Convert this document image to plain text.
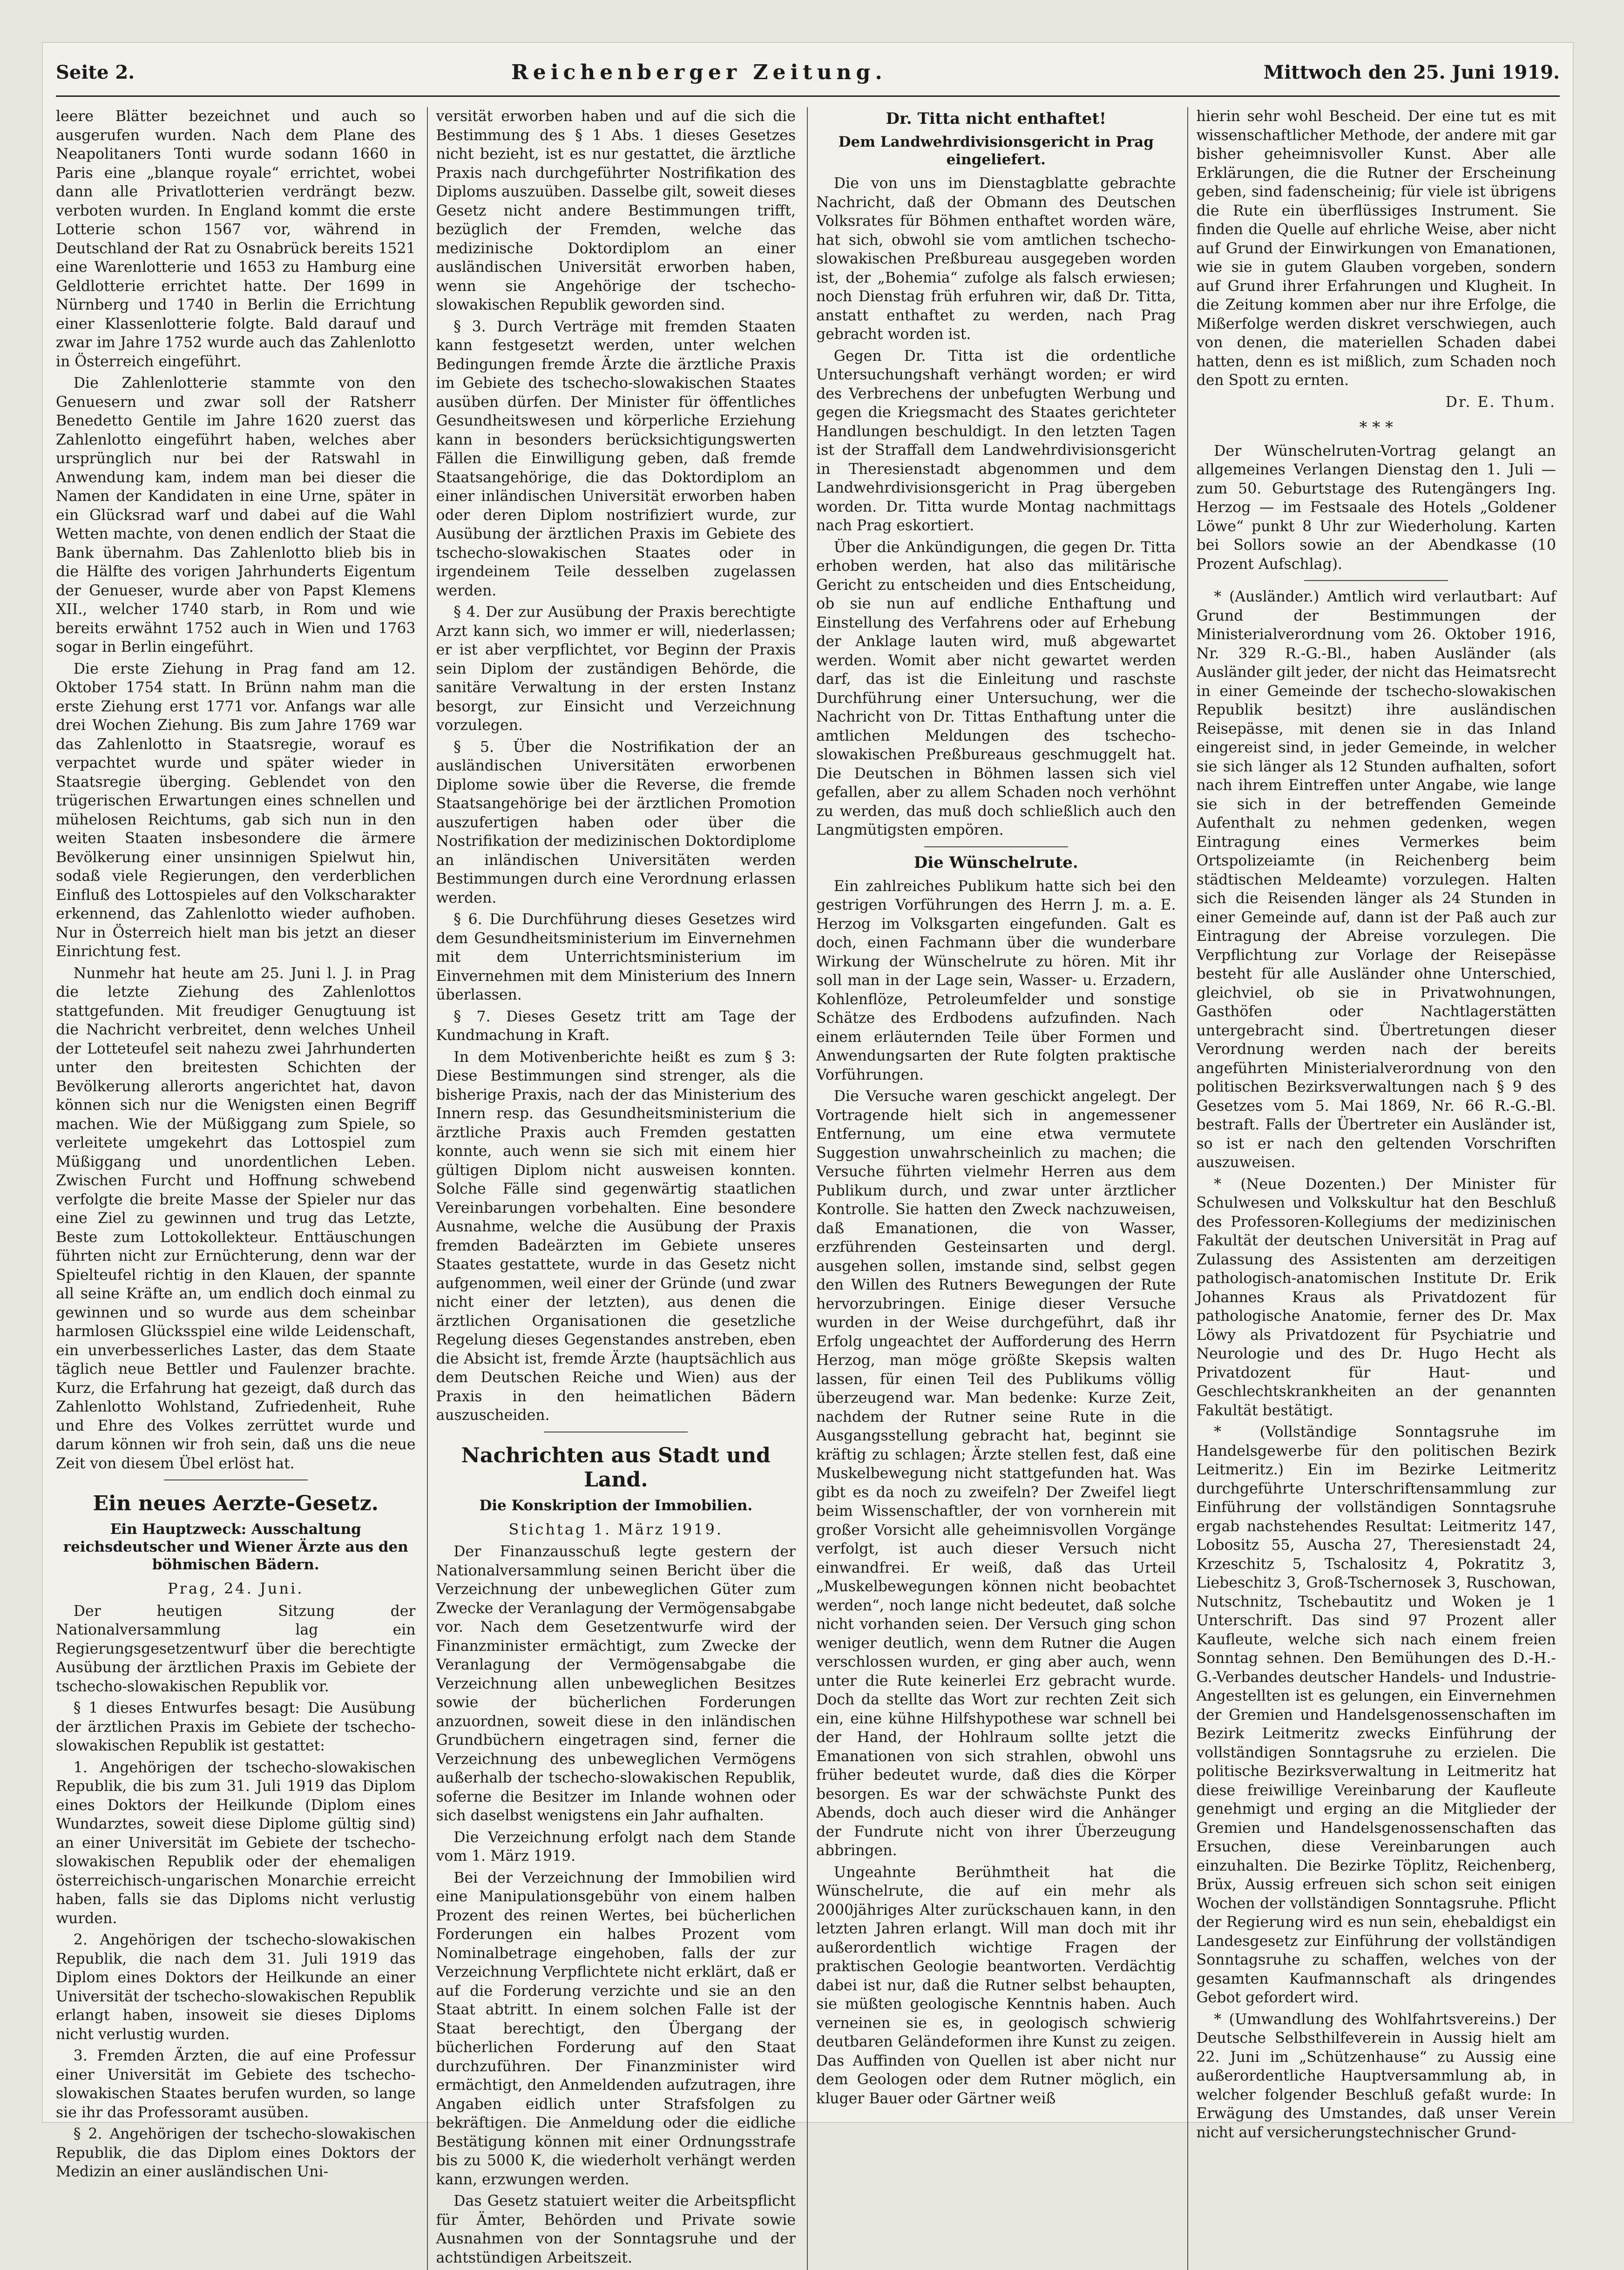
Seite 2.	Reichenberger Zeitung.	Mittwoch den 25. Juni 1919.

leere Blätter bezeichnet und auch so ausgerufen wurden. Nach dem Plane des Neapolitaners Tonti wurde sodann 1660 in Paris eine „blanque royale“ errichtet, wobei dann alle Privatlotterien verdrängt bezw. verboten wurden. In England kommt die erste Lotterie schon 1567 vor, während in Deutschland der Rat zu Osnabrück bereits 1521 eine Warenlotterie und 1653 zu Hamburg eine Geldlotterie errichtet hatte. Der 1699 in Nürnberg und 1740 in Berlin die Errichtung einer Klassenlotterie folgte. Bald darauf und zwar im Jahre 1752 wurde auch das Zahlenlotto in Österreich eingeführt.

Die Zahlenlotterie stammte von den Genuesern und zwar soll der Ratsherr Benedetto Gentile im Jahre 1620 zuerst das Zahlenlotto eingeführt haben, welches aber ursprünglich nur bei der Ratswahl in Anwendung kam, indem man bei dieser die Namen der Kandidaten in eine Urne, später in ein Glücksrad warf und dabei auf die Wahl Wetten machte, von denen endlich der Staat die Bank übernahm. Das Zahlenlotto blieb bis in die Hälfte des vorigen Jahrhunderts Eigentum der Genueser, wurde aber von Papst Klemens XII., welcher 1740 starb, in Rom und wie bereits erwähnt 1752 auch in Wien und 1763 sogar in Berlin eingeführt.

Die erste Ziehung in Prag fand am 12. Oktober 1754 statt. In Brünn nahm man die erste Ziehung erst 1771 vor. Anfangs war alle drei Wochen Ziehung. Bis zum Jahre 1769 war das Zahlenlotto in Staatsregie, worauf es verpachtet wurde und später wieder in Staatsregie überging. Geblendet von den trügerischen Erwartungen eines schnellen und mühelosen Reichtums, gab sich nun in den weiten Staaten insbesondere die ärmere Bevölkerung einer unsinnigen Spielwut hin, sodaß viele Regierungen, den verderblichen Einfluß des Lottospieles auf den Volkscharakter erkennend, das Zahlenlotto wieder aufhoben. Nur in Österreich hielt man bis jetzt an dieser Einrichtung fest.

Nunmehr hat heute am 25. Juni l. J. in Prag die letzte Ziehung des Zahlenlottos stattgefunden. Mit freudiger Genugtuung ist die Nachricht verbreitet, denn welches Unheil der Lotteteufel seit nahezu zwei Jahrhunderten unter den breitesten Schichten der Bevölkerung allerorts angerichtet hat, davon können sich nur die Wenigsten einen Begriff machen. Wie der Müßiggang zum Spiele, so verleitete umgekehrt das Lottospiel zum Müßiggang und unordentlichen Leben. Zwischen Furcht und Hoffnung schwebend verfolgte die breite Masse der Spieler nur das eine Ziel zu gewinnen und trug das Letzte, Beste zum Lottokollekteur. Enttäuschungen führten nicht zur Ernüchterung, denn war der Spielteufel richtig in den Klauen, der spannte all seine Kräfte an, um endlich doch einmal zu gewinnen und so wurde aus dem scheinbar harmlosen Glücksspiel eine wilde Leidenschaft, ein unverbesserliches Laster, das dem Staate täglich neue Bettler und Faulenzer brachte. Kurz, die Erfahrung hat gezeigt, daß durch das Zahlenlotto Wohlstand, Zufriedenheit, Ruhe und Ehre des Volkes zerrüttet wurde und darum können wir froh sein, daß uns die neue Zeit von diesem Übel erlöst hat.

Ein neues Aerzte-Gesetz.
Ein Hauptzweck: Ausschaltung reichsdeutscher und Wiener Ärzte aus den böhmischen Bädern.
Prag, 24. Juni.

Der heutigen Sitzung der Nationalversammlung lag ein Regierungsgesetzentwurf über die berechtigte Ausübung der ärztlichen Praxis im Gebiete der tschecho-slowakischen Republik vor.

§ 1 dieses Entwurfes besagt: Die Ausübung der ärztlichen Praxis im Gebiete der tschecho-slowakischen Republik ist gestattet:

1. Angehörigen der tschecho-slowakischen Republik, die bis zum 31. Juli 1919 das Diplom eines Doktors der Heilkunde (Diplom eines Wundarztes, soweit diese Diplome gültig sind) an einer Universität im Gebiete der tschecho-slowakischen Republik oder der ehemaligen österreichisch-ungarischen Monarchie erreicht haben, falls sie das Diploms nicht verlustig wurden.

2. Angehörigen der tschecho-slowakischen Republik, die nach dem 31. Juli 1919 das Diplom eines Doktors der Heilkunde an einer Universität der tschecho-slowakischen Republik erlangt haben, insoweit sie dieses Diploms nicht verlustig wurden.

3. Fremden Ärzten, die auf eine Professur einer Universität im Gebiete des tschecho-slowakischen Staates berufen wurden, so lange sie ihr das Professoramt ausüben.

§ 2. Angehörigen der tschecho-slowakischen Republik, die das Diplom eines Doktors der Medizin an einer ausländischen Uni-

versität erworben haben und auf die sich die Bestimmung des § 1 Abs. 1 dieses Gesetzes nicht bezieht, ist es nur gestattet, die ärztliche Praxis nach durchgeführter Nostrifikation des Diploms auszuüben. Dasselbe gilt, soweit dieses Gesetz nicht andere Bestimmungen trifft, bezüglich der Fremden, welche das medizinische Doktordiplom an einer ausländischen Universität erworben haben, wenn sie Angehörige der tschecho-slowakischen Republik geworden sind.

§ 3. Durch Verträge mit fremden Staaten kann festgesetzt werden, unter welchen Bedingungen fremde Ärzte die ärztliche Praxis im Gebiete des tschecho-slowakischen Staates ausüben dürfen. Der Minister für öffentliches Gesundheitswesen und körperliche Erziehung kann in besonders berücksichtigungswerten Fällen die Einwilligung geben, daß fremde Staatsangehörige, die das Doktordiplom an einer inländischen Universität erworben haben oder deren Diplom nostrifiziert wurde, zur Ausübung der ärztlichen Praxis im Gebiete des tschecho-slowakischen Staates oder in irgendeinem Teile desselben zugelassen werden.

§ 4. Der zur Ausübung der Praxis berechtigte Arzt kann sich, wo immer er will, niederlassen; er ist aber verpflichtet, vor Beginn der Praxis sein Diplom der zuständigen Behörde, die sanitäre Verwaltung in der ersten Instanz besorgt, zur Einsicht und Verzeichnung vorzulegen.

§ 5. Über die Nostrifikation der an ausländischen Universitäten erworbenen Diplome sowie über die Reverse, die fremde Staatsangehörige bei der ärztlichen Promotion auszufertigen haben oder über die Nostrifikation der medizinischen Doktordiplome an inländischen Universitäten werden Bestimmungen durch eine Verordnung erlassen werden.

§ 6. Die Durchführung dieses Gesetzes wird dem Gesundheitsministerium im Einvernehmen mit dem Unterrichtsministerium im Einvernehmen mit dem Ministerium des Innern überlassen.

§ 7. Dieses Gesetz tritt am Tage der Kundmachung in Kraft.

In dem Motivenberichte heißt es zum § 3: Diese Bestimmungen sind strenger, als die bisherige Praxis, nach der das Ministerium des Innern resp. das Gesundheitsministerium die ärztliche Praxis auch Fremden gestatten konnte, auch wenn sie sich mit einem hier gültigen Diplom nicht ausweisen konnten. Solche Fälle sind gegenwärtig staatlichen Vereinbarungen vorbehalten. Eine besondere Ausnahme, welche die Ausübung der Praxis fremden Badeärzten im Gebiete unseres Staates gestattete, wurde in das Gesetz nicht aufgenommen, weil einer der Gründe (und zwar nicht einer der letzten), aus denen die ärztlichen Organisationen die gesetzliche Regelung dieses Gegenstandes anstreben, eben die Absicht ist, fremde Ärzte (hauptsächlich aus dem Deutschen Reiche und Wien) aus der Praxis in den heimatlichen Bädern auszuscheiden.

Nachrichten aus Stadt und Land.
Die Konskription der Immobilien.
Stichtag 1. März 1919.

Der Finanzausschuß legte gestern der Nationalversammlung seinen Bericht über die Verzeichnung der unbeweglichen Güter zum Zwecke der Veranlagung der Vermögensabgabe vor. Nach dem Gesetzentwurfe wird der Finanzminister ermächtigt, zum Zwecke der Veranlagung der Vermögensabgabe die Verzeichnung allen unbeweglichen Besitzes sowie der bücherlichen Forderungen anzuordnen, soweit diese in den inländischen Grundbüchern eingetragen sind, ferner die Verzeichnung des unbeweglichen Vermögens außerhalb der tschecho-slowakischen Republik, soferne die Besitzer im Inlande wohnen oder sich daselbst wenigstens ein Jahr aufhalten.

Die Verzeichnung erfolgt nach dem Stande vom 1. März 1919.

Bei der Verzeichnung der Immobilien wird eine Manipulationsgebühr von einem halben Prozent des reinen Wertes, bei bücherlichen Forderungen ein halbes Prozent vom Nominalbetrage eingehoben, falls der zur Verzeichnung Verpflichtete nicht erklärt, daß er auf die Forderung verzichte und sie an den Staat abtritt. In einem solchen Falle ist der Staat berechtigt, den Übergang der bücherlichen Forderung auf den Staat durchzuführen. Der Finanzminister wird ermächtigt, den Anmeldenden aufzutragen, ihre Angaben eidlich unter Strafsfolgen zu bekräftigen. Die Anmeldung oder die eidliche Bestätigung können mit einer Ordnungsstrafe bis zu 5000 K, die wiederholt verhängt werden kann, erzwungen werden.

Das Gesetz statuiert weiter die Arbeitspflicht für Ämter, Behörden und Private sowie Ausnahmen von der Sonntagsruhe und der achtstündigen Arbeitszeit.

Dr. Titta nicht enthaftet!
Dem Landwehrdivisionsgericht in Prag eingeliefert.

Die von uns im Dienstagblatte gebrachte Nachricht, daß der Obmann des Deutschen Volksrates für Böhmen enthaftet worden wäre, hat sich, obwohl sie vom amtlichen tschecho-slowakischen Preßbureau ausgegeben worden ist, der „Bohemia“ zufolge als falsch erwiesen; noch Dienstag früh erfuhren wir, daß Dr. Titta, anstatt enthaftet zu werden, nach Prag gebracht worden ist.

Gegen Dr. Titta ist die ordentliche Untersuchungshaft verhängt worden; er wird des Verbrechens der unbefugten Werbung und gegen die Kriegsmacht des Staates gerichteter Handlungen beschuldigt. In den letzten Tagen ist der Straffall dem Landwehrdivisionsgericht in Theresienstadt abgenommen und dem Landwehrdivisionsgericht in Prag übergeben worden. Dr. Titta wurde Montag nachmittags nach Prag eskortiert.

Über die Ankündigungen, die gegen Dr. Titta erhoben werden, hat also das militärische Gericht zu entscheiden und dies Entscheidung, ob sie nun auf endliche Enthaftung und Einstellung des Verfahrens oder auf Erhebung der Anklage lauten wird, muß abgewartet werden. Womit aber nicht gewartet werden darf, das ist die Einleitung und raschste Durchführung einer Untersuchung, wer die Nachricht von Dr. Tittas Enthaftung unter die amtlichen Meldungen des tschecho-slowakischen Preßbureaus geschmuggelt hat. Die Deutschen in Böhmen lassen sich viel gefallen, aber zu allem Schaden noch verhöhnt zu werden, das muß doch schließlich auch den Langmütigsten empören.

Die Wünschelrute.

Ein zahlreiches Publikum hatte sich bei den gestrigen Vorführungen des Herrn J. m. a. E. Herzog im Volksgarten eingefunden. Galt es doch, einen Fachmann über die wunderbare Wirkung der Wünschelrute zu hören. Mit ihr soll man in der Lage sein, Wasser- u. Erzadern, Kohlenflöze, Petroleumfelder und sonstige Schätze des Erdbodens aufzufinden. Nach einem erläuternden Teile über Formen und Anwendungsarten der Rute folgten praktische Vorführungen.

Die Versuche waren geschickt angelegt. Der Vortragende hielt sich in angemessener Entfernung, um eine etwa vermutete Suggestion unwahrscheinlich zu machen; die Versuche führten vielmehr Herren aus dem Publikum durch, und zwar unter ärztlicher Kontrolle. Sie hatten den Zweck nachzuweisen, daß Emanationen, die von Wasser, erzführenden Gesteinsarten und dergl. ausgehen sollen, imstande sind, selbst gegen den Willen des Rutners Bewegungen der Rute hervorzubringen. Einige dieser Versuche wurden in der Weise durchgeführt, daß ihr Erfolg ungeachtet der Aufforderung des Herrn Herzog, man möge größte Skepsis walten lassen, für einen Teil des Publikums völlig überzeugend war. Man bedenke: Kurze Zeit, nachdem der Rutner seine Rute in die Ausgangsstellung gebracht hat, beginnt sie kräftig zu schlagen; Ärzte stellen fest, daß eine Muskelbewegung nicht stattgefunden hat. Was gibt es da noch zu zweifeln? Der Zweifel liegt beim Wissenschaftler, der von vornherein mit großer Vorsicht alle geheimnisvollen Vorgänge verfolgt, ist auch dieser Versuch nicht einwandfrei. Er weiß, daß das Urteil „Muskelbewegungen können nicht beobachtet werden“, noch lange nicht bedeutet, daß solche nicht vorhanden seien. Der Versuch ging schon weniger deutlich, wenn dem Rutner die Augen verschlossen wurden, er ging aber auch, wenn unter die Rute keinerlei Erz gebracht wurde. Doch da stellte das Wort zur rechten Zeit sich ein, eine kühne Hilfshypothese war schnell bei der Hand, der Hohlraum sollte jetzt die Emanationen von sich strahlen, obwohl uns früher bedeutet wurde, daß dies die Körper besorgen. Es war der schwächste Punkt des Abends, doch auch dieser wird die Anhänger der Fundrute nicht von ihrer Überzeugung abbringen.

Ungeahnte Berühmtheit hat die Wünschelrute, die auf ein mehr als 2000jähriges Alter zurückschauen kann, in den letzten Jahren erlangt. Will man doch mit ihr außerordentlich wichtige Fragen der praktischen Geologie beantworten. Verdächtig dabei ist nur, daß die Rutner selbst behaupten, sie müßten geologische Kenntnis haben. Auch verneinen sie es, in geologisch schwierig deutbaren Geländeformen ihre Kunst zu zeigen. Das Auffinden von Quellen ist aber nicht nur dem Geologen oder dem Rutner möglich, ein kluger Bauer oder Gärtner weiß

hierin sehr wohl Bescheid. Der eine tut es mit wissenschaftlicher Methode, der andere mit gar bisher geheimnisvoller Kunst. Aber alle Erklärungen, die die Rutner der Erscheinung geben, sind fadenscheinig; für viele ist übrigens die Rute ein überflüssiges Instrument. Sie finden die Quelle auf ehrliche Weise, aber nicht auf Grund der Einwirkungen von Emanationen, wie sie in gutem Glauben vorgeben, sondern auf Grund ihrer Erfahrungen und Klugheit. In die Zeitung kommen aber nur ihre Erfolge, die Mißerfolge werden diskret verschwiegen, auch von denen, die materiellen Schaden dabei hatten, denn es ist mißlich, zum Schaden noch den Spott zu ernten.

Dr. E. Thum.
* * *

Der Wünschelruten-Vortrag gelangt an allgemeines Verlangen Dienstag den 1. Juli — zum 50. Geburtstage des Rutengängers Ing. Herzog — im Festsaale des Hotels „Goldener Löwe“ punkt 8 Uhr zur Wiederholung. Karten bei Sollors sowie an der Abendkasse (10 Prozent Aufschlag).

* (Ausländer.) Amtlich wird verlautbart: Auf Grund der Bestimmungen der Ministerialverordnung vom 26. Oktober 1916, Nr. 329 R.-G.-Bl., haben Ausländer (als Ausländer gilt jeder, der nicht das Heimatsrecht in einer Gemeinde der tschecho-slowakischen Republik besitzt) ihre ausländischen Reisepässe, mit denen sie in das Inland eingereist sind, in jeder Gemeinde, in welcher sie sich länger als 12 Stunden aufhalten, sofort nach ihrem Eintreffen unter Angabe, wie lange sie sich in der betreffenden Gemeinde Aufenthalt zu nehmen gedenken, wegen Eintragung eines Vermerkes beim Ortspolizeiamte (in Reichenberg beim städtischen Meldeamte) vorzulegen. Halten sich die Reisenden länger als 24 Stunden in einer Gemeinde auf, dann ist der Paß auch zur Eintragung der Abreise vorzulegen. Die Verpflichtung zur Vorlage der Reisepässe besteht für alle Ausländer ohne Unterschied, gleichviel, ob sie in Privatwohnungen, Gasthöfen oder Nachtlagerstätten untergebracht sind. Übertretungen dieser Verordnung werden nach der bereits angeführten Ministerialverordnung von den politischen Bezirksverwaltungen nach § 9 des Gesetzes vom 5. Mai 1869, Nr. 66 R.-G.-Bl. bestraft. Falls der Übertreter ein Ausländer ist, so ist er nach den geltenden Vorschriften auszuweisen.

* (Neue Dozenten.) Der Minister für Schulwesen und Volkskultur hat den Beschluß des Professoren-Kollegiums der medizinischen Fakultät der deutschen Universität in Prag auf Zulassung des Assistenten am derzeitigen pathologisch-anatomischen Institute Dr. Erik Johannes Kraus als Privatdozent für pathologische Anatomie, ferner des Dr. Max Löwy als Privatdozent für Psychiatrie und Neurologie und des Dr. Hugo Hecht als Privatdozent für Haut- und Geschlechtskrankheiten an der genannten Fakultät bestätigt.

* (Vollständige Sonntagsruhe im Handelsgewerbe für den politischen Bezirk Leitmeritz.) Ein im Bezirke Leitmeritz durchgeführte Unterschriftensammlung zur Einführung der vollständigen Sonntagsruhe ergab nachstehendes Resultat: Leitmeritz 147, Lobositz 55, Auscha 27, Theresienstadt 24, Krzeschitz 5, Tschalositz 4, Pokratitz 3, Liebeschitz 3, Groß-Tschernosek 3, Ruschowan, Nutschnitz, Tschebautitz und Woken je 1 Unterschrift. Das sind 97 Prozent aller Kaufleute, welche sich nach einem freien Sonntag sehnen. Den Bemühungen des D.-H.-G.-Verbandes deutscher Handels- und Industrie-Angestellten ist es gelungen, ein Einvernehmen der Gremien und Handelsgenossenschaften im Bezirk Leitmeritz zwecks Einführung der vollständigen Sonntagsruhe zu erzielen. Die politische Bezirksverwaltung in Leitmeritz hat diese freiwillige Vereinbarung der Kaufleute genehmigt und erging an die Mitglieder der Gremien und Handelsgenossenschaften das Ersuchen, diese Vereinbarungen auch einzuhalten. Die Bezirke Töplitz, Reichenberg, Brüx, Aussig erfreuen sich schon seit einigen Wochen der vollständigen Sonntagsruhe. Pflicht der Regierung wird es nun sein, ehebaldigst ein Landesgesetz zur Einführung der vollständigen Sonntagsruhe zu schaffen, welches von der gesamten Kaufmannschaft als dringendes Gebot gefordert wird.

* (Umwandlung des Wohlfahrtsvereins.) Der Deutsche Selbsthilfeverein in Aussig hielt am 22. Juni im „Schützenhause“ zu Aussig eine außerordentliche Hauptversammlung ab, in welcher folgender Beschluß gefaßt wurde: In Erwägung des Umstandes, daß unser Verein nicht auf versicherungstechnischer Grund-
